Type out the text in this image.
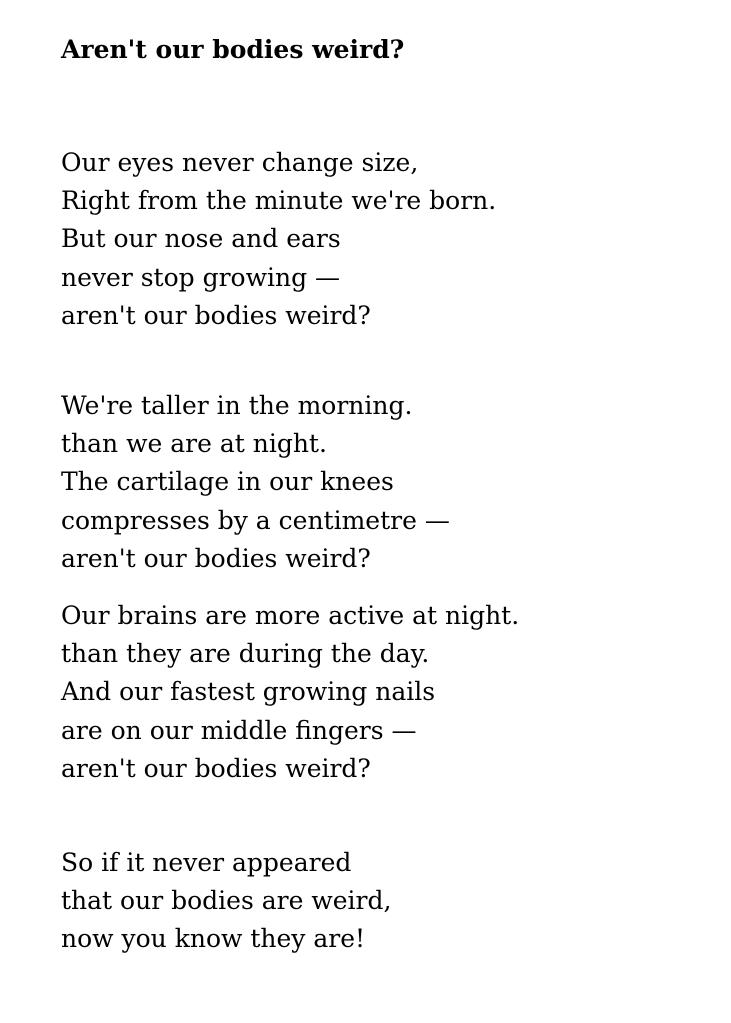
Aren't our bodies weird?

Our eyes never change size,
Right from the minute we're born.
But our nose and ears
never stop growing —
aren't our bodies weird?

We're taller in the morning.
than we are at night.
The cartilage in our knees
compresses by a centimetre —
aren't our bodies weird?

Our brains are more active at night.
than they are during the day.
And our fastest growing nails
are on our middle fingers —
aren't our bodies weird?

So if it never appeared
that our bodies are weird,
now you know they are!
